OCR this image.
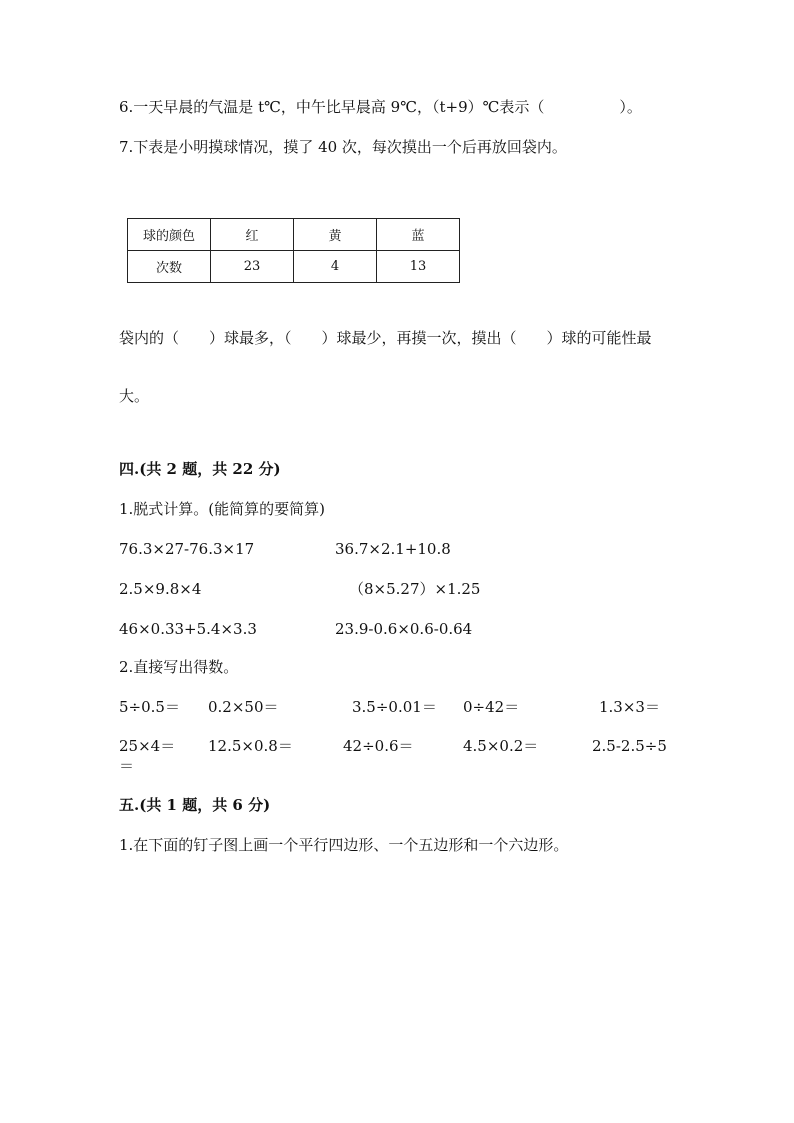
6.一天早晨的气温是 t℃，中午比早晨高 9℃，（t+9）℃表示（　　　　　）。
7.下表是小明摸球情况，摸了 40 次，每次摸出一个后再放回袋内。
球的颜色	红	黄	蓝
次数	23	4	13
袋内的（　　）球最多，（　　）球最少，再摸一次，摸出（　　）球的可能性最
大。
四.(共 2 题，共 22 分)
1.脱式计算。(能简算的要简算)
76.3×27-76.3×17	36.7×2.1+10.8
2.5×9.8×4	（8×5.27）×1.25
46×0.33+5.4×3.3	23.9-0.6×0.6-0.64
2.直接写出得数。
5÷0.5＝ 0.2×50＝	3.5÷0.01＝ 0÷42＝	1.3×3＝
25×4＝ 12.5×0.8＝	42÷0.6＝	4.5×0.2＝	2.5-2.5÷5
＝
五.(共 1 题，共 6 分)
1.在下面的钉子图上画一个平行四边形、一个五边形和一个六边形。
